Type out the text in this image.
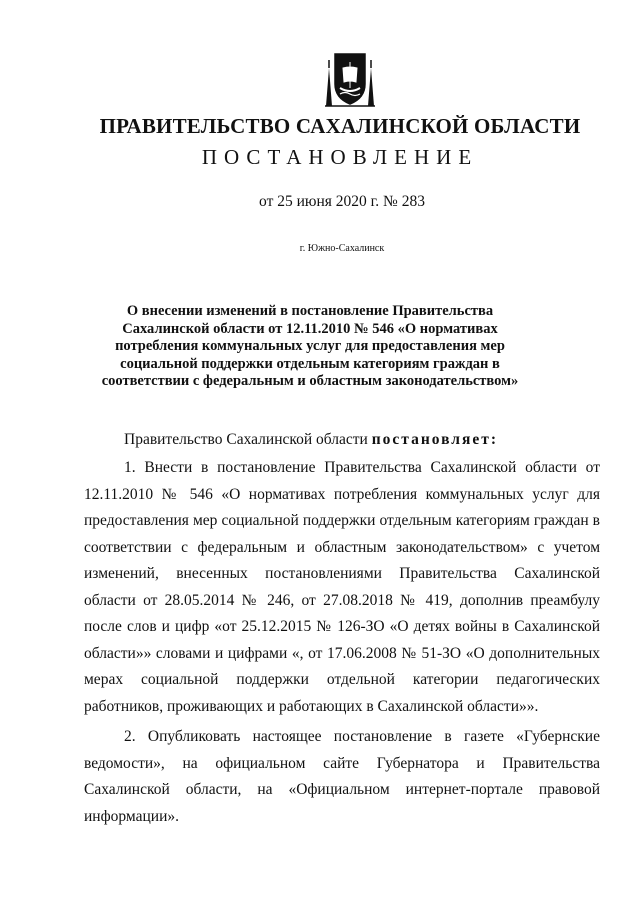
ПРАВИТЕЛЬСТВО САХАЛИНСКОЙ ОБЛАСТИ
ПОСТАНОВЛЕНИЕ
от 25 июня 2020 г. № 283
г. Южно-Сахалинск
О внесении изменений в постановление Правительства Сахалинской области от 12.11.2010 № 546 «О нормативах потребления коммунальных услуг для предоставления мер социальной поддержки отдельным категориям граждан в соответствии с федеральным и областным законодательством»
Правительство Сахалинской области постановляет:
1. Внести в постановление Правительства Сахалинской области от 12.11.2010 № 546 «О нормативах потребления коммунальных услуг для предоставления мер социальной поддержки отдельным категориям граждан в соответствии с федеральным и областным законодательством» с учетом изменений, внесенных постановлениями Правительства Сахалинской области от 28.05.2014 № 246, от 27.08.2018 № 419, дополнив преамбулу после слов и цифр «от 25.12.2015 № 126-ЗО «О детях войны в Сахалинской области»» словами и цифрами «, от 17.06.2008 № 51-ЗО «О дополнительных мерах социальной поддержки отдельной категории педагогических работников, проживающих и работающих в Сахалинской области»».
2. Опубликовать настоящее постановление в газете «Губернские ведомости», на официальном сайте Губернатора и Правительства Сахалинской области, на «Официальном интернет-портале правовой информации».
